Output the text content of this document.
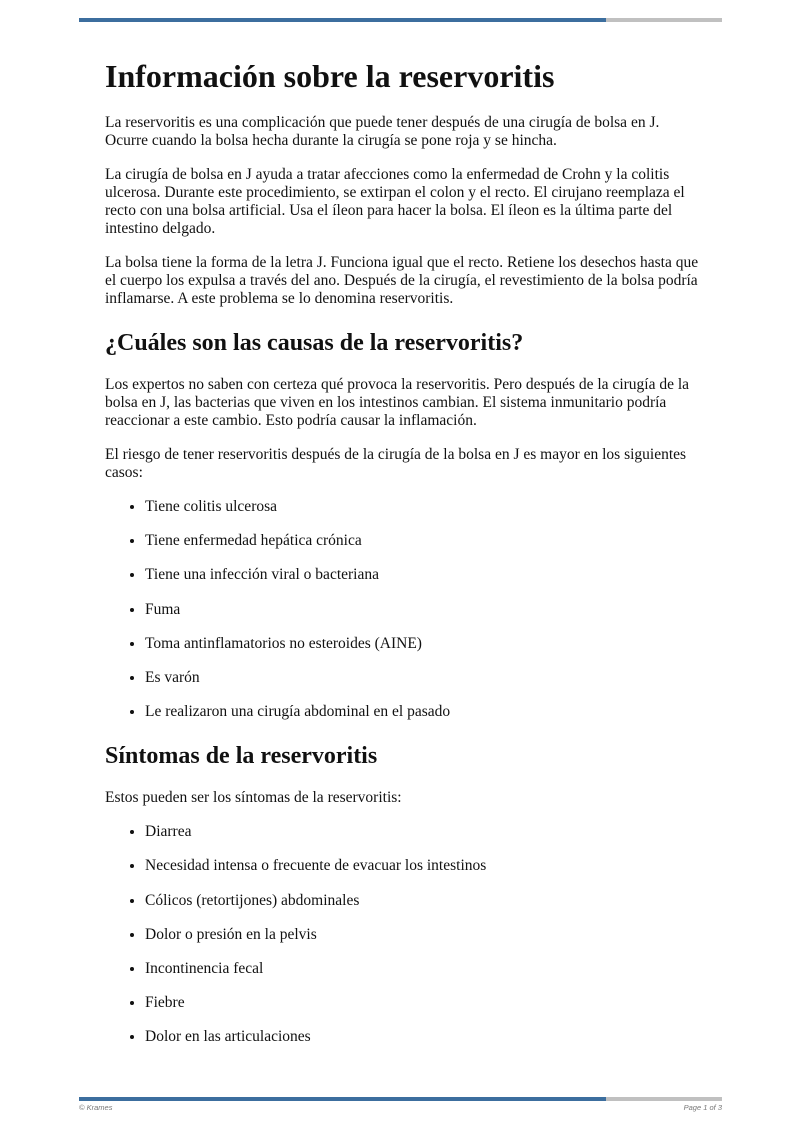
Información sobre la reservoritis

La reservoritis es una complicación que puede tener después de una cirugía de bolsa en J. Ocurre cuando la bolsa hecha durante la cirugía se pone roja y se hincha.

La cirugía de bolsa en J ayuda a tratar afecciones como la enfermedad de Crohn y la colitis ulcerosa. Durante este procedimiento, se extirpan el colon y el recto. El cirujano reemplaza el recto con una bolsa artificial. Usa el íleon para hacer la bolsa. El íleon es la última parte del intestino delgado.

La bolsa tiene la forma de la letra J. Funciona igual que el recto. Retiene los desechos hasta que el cuerpo los expulsa a través del ano. Después de la cirugía, el revestimiento de la bolsa podría inflamarse. A este problema se lo denomina reservoritis.

¿Cuáles son las causas de la reservoritis?

Los expertos no saben con certeza qué provoca la reservoritis. Pero después de la cirugía de la bolsa en J, las bacterias que viven en los intestinos cambian. El sistema inmunitario podría reaccionar a este cambio. Esto podría causar la inflamación.

El riesgo de tener reservoritis después de la cirugía de la bolsa en J es mayor en los siguientes casos:

• Tiene colitis ulcerosa
• Tiene enfermedad hepática crónica
• Tiene una infección viral o bacteriana
• Fuma
• Toma antinflamatorios no esteroides (AINE)
• Es varón
• Le realizaron una cirugía abdominal en el pasado
Síntomas de la reservoritis

Estos pueden ser los síntomas de la reservoritis:

• Diarrea
• Necesidad intensa o frecuente de evacuar los intestinos
• Cólicos (retortijones) abdominales
• Dolor o presión en la pelvis
• Incontinencia fecal
• Fiebre
• Dolor en las articulaciones
© Krames	Page 1 of 3
